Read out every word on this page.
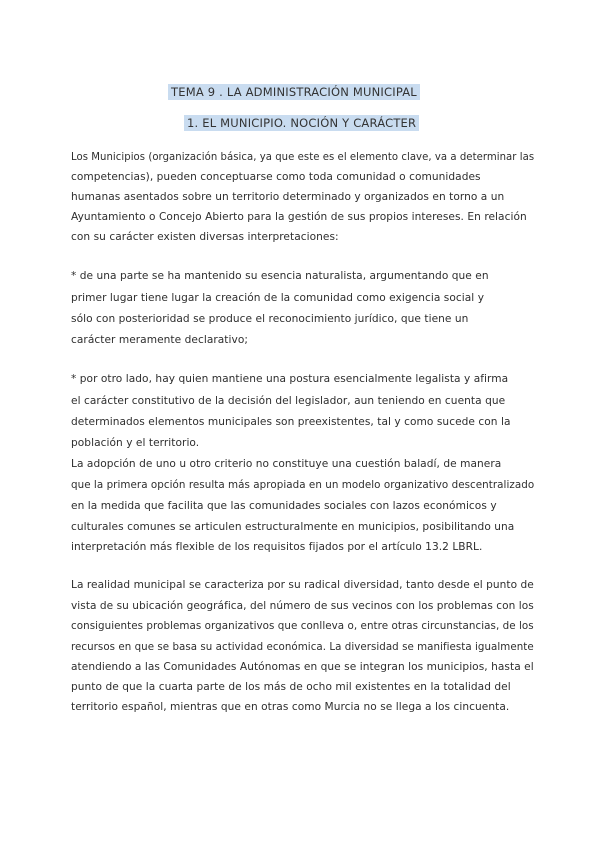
TEMA 9 . LA ADMINISTRACIÓN MUNICIPAL
1. EL MUNICIPIO. NOCIÓN Y CARÁCTER
Los Municipios (organización básica, ya que este es el elemento clave, va a determinar las
competencias), pueden conceptuarse como toda comunidad o comunidades
humanas asentados sobre un territorio determinado y organizados en torno a un
Ayuntamiento o Concejo Abierto para la gestión de sus propios intereses. En relación
con su carácter existen diversas interpretaciones:
* de una parte se ha mantenido su esencia naturalista, argumentando que en
primer lugar tiene lugar la creación de la comunidad como exigencia social y
sólo con posterioridad se produce el reconocimiento jurídico, que tiene un
carácter meramente declarativo;
* por otro lado, hay quien mantiene una postura esencialmente legalista y afirma
el carácter constitutivo de la decisión del legislador, aun teniendo en cuenta que
determinados elementos municipales son preexistentes, tal y como sucede con la
población y el territorio.
La adopción de uno u otro criterio no constituye una cuestión baladí, de manera
que la primera opción resulta más apropiada en un modelo organizativo descentralizado
en la medida que facilita que las comunidades sociales con lazos económicos y
culturales comunes se articulen estructuralmente en municipios, posibilitando una
interpretación más flexible de los requisitos fijados por el artículo 13.2 LBRL.
La realidad municipal se caracteriza por su radical diversidad, tanto desde el punto de
vista de su ubicación geográfica, del número de sus vecinos con los problemas con los
consiguientes problemas organizativos que conlleva o, entre otras circunstancias, de los
recursos en que se basa su actividad económica. La diversidad se manifiesta igualmente
atendiendo a las Comunidades Autónomas en que se integran los municipios, hasta el
punto de que la cuarta parte de los más de ocho mil existentes en la totalidad del
territorio español, mientras que en otras como Murcia no se llega a los cincuenta.
